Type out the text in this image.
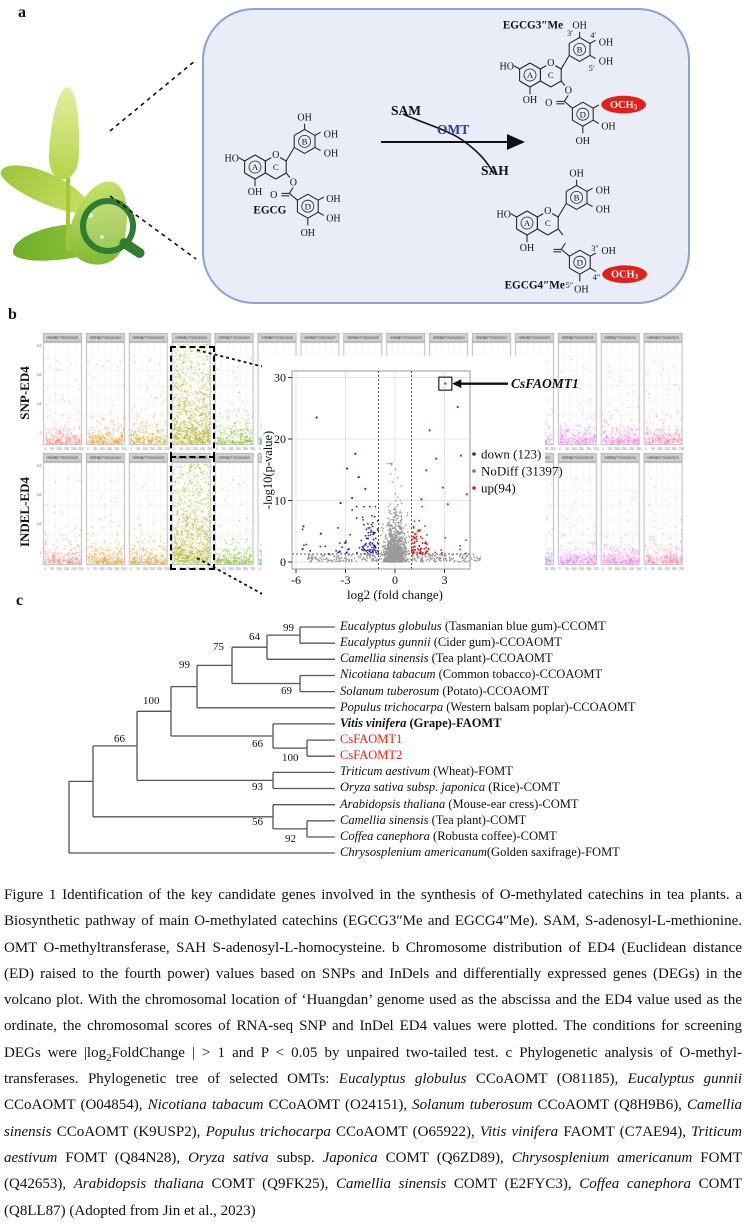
a
HO
OH
O
A C
B
D
OH
OH
OH
O
O	OH
OH
OH
EGCG
HO
OH
O
A C
B
D
OH
OH
OH
3′ 4′
5′
O
O	OCH3
OH
OH
EGCG3″Me
HO
OH
O
A C
B
D
OH
OH
OH
3″ OH
OCH3
4″
5″ OH
EGCG4″Me
SAM
OMT
SAH
0
10
20
30
-6	-3	0	3
log2 (fold change)
-log10(p-value)
CsFAOMT1
down (123)
NoDiff (31397)
up(94)
c
99
64
75
99
69
100
66	66
100
93
56
92
Eucalyptus globulus (Tasmanian blue gum)-CCOMT
Eucalyptus gunnii (Cider gum)-CCOAOMT
Camellia sinensis (Tea plant)-CCOAOMT
Nicotiana tabacum (Common tobacco)-CCOAOMT
Solanum tuberosum (Potato)-CCOAOMT
Populus trichocarpa (Western balsam poplar)-CCOAOMT
Vitis vinifera (Grape)-FAOMT
CsFAOMT1
CsFAOMT2
Triticum aestivum (Wheat)-FOMT
Oryza sativa subsp. japonica (Rice)-COMT
Arabidopsis thaliana (Mouse-ear cress)-COMT
Camellia sinensis (Tea plant)-COMT
Coffea canephora (Robusta coffee)-COMT
Chrysosplenium americanum(Golden saxifrage)-FOMT
Figure 1 Identification of the key candidate genes involved in the synthesis of O-methylated catechins in tea plants. a Biosynthetic pathway of main O-methylated catechins (EGCG3″Me and EGCG4″Me). SAM, S-adenosyl-L-methionine. OMT O-methyltransferase, SAH S-adenosyl-L-homocysteine. b Chromosome distribution of ED4 (Euclidean distance (ED) raised to the fourth power) values based on SNPs and InDels and differentially expressed genes (DEGs) in the volcano plot. With the chromosomal location of ‘Huangdan’ genome used as the abscissa and the ED4 value used as the ordinate, the chromosomal scores of RNA-seq SNP and InDel ED4 values were plotted. The conditions for screening DEGs were $|\log_2FoldChange$ | > 1 and P < 0.05 by unpaired two-tailed test. c Phylogenetic analysis of O-methyl- transferases. Phylogenetic tree of selected OMTs: Eucalyptus globulus CCoAOMT (O81185), Eucalyptus gunnii CCoAOMT (O04854), Nicotiana tabacum CCoAOMT (O24151), Solanum tuberosum CCoAOMT (Q8H9B6), Camellia sinensis CCoAOMT (K9USP2), Populus trichocarpa CCoAOMT (O65922), Vitis vinifera FAOMT (C7AE94), Triticum aestivum FOMT (Q84N28), Oryza sativa subsp. Japonica COMT (Q6ZD89), Chrysosplenium americanum FOMT (Q42653), Arabidopsis thaliana COMT (Q9FK25), Camellia sinensis COMT (E2FYC3), Coffea canephora COMT (Q8LL87) (Adopted from Jin et al., 2023)
